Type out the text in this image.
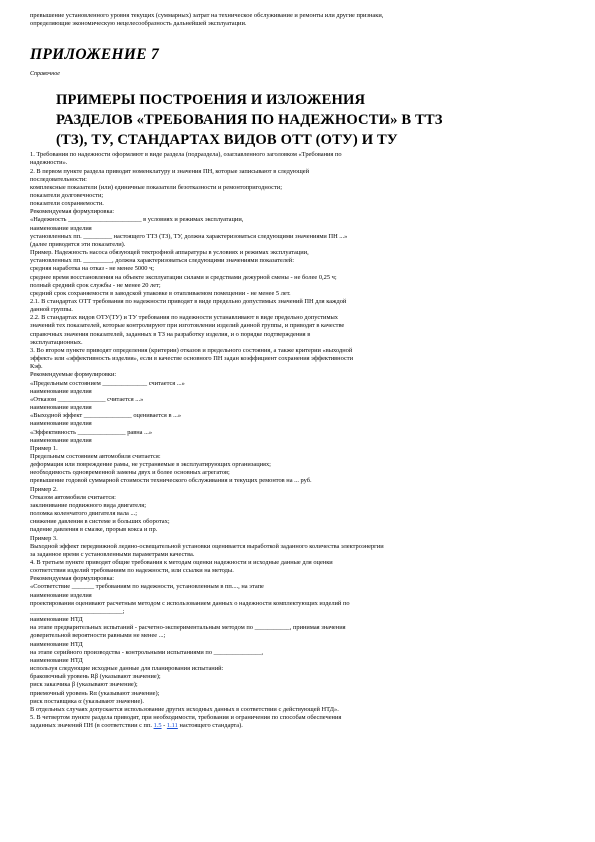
превышение установленного уровня текущих (суммарных) затрат на техническое обслуживание и ремонты или другие признаки,
определяющие экономическую нецелесообразность дальнейшей эксплуатации.
ПРИЛОЖЕНИЕ 7
Справочное
ПРИМЕРЫ ПОСТРОЕНИЯ И ИЗЛОЖЕНИЯ
РАЗДЕЛОВ «ТРЕБОВАНИЯ ПО НАДЕЖНОСТИ» В ТТЗ
(ТЗ), ТУ, СТАНДАРТАХ ВИДОВ ОТТ (ОТУ) И ТУ
1. Требования по надежности оформляют в виде раздела (подраздела), озаглавленного заголовком «Требования по
надежности».
2. В первом пункте раздела приводят номенклатуру и значения ПН, которые записывают в следующей
последовательности:
комплексные показатели (или) единичные показатели безотказности и ремонтопригодности;
показатели долговечности;
показатели сохраняемости.
Рекомендуемая формулировка:
«Надежность _______________________ в условиях и режимах эксплуатации,
наименование изделия
установленных пп. _________ настоящего ТТЗ (ТЗ), ТУ, должна характеризоваться следующими значениями ПН ...»
(далее приводятся эти показатели).
Пример. Надежность насоса обязующей тектрофной аппаратуры в условиях и режимах эксплуатации,
установленных пп. _________, должна характеризоваться следующими значениями показателей:
средняя наработка на отказ - не менее 5000 ч;
среднее время восстановления на объекте эксплуатации силами и средствами дежурной смены - не более 0,25 ч;
полный средний срок службы - не менее 20 лет;
средний срок сохраняемости в заводской упаковке в отапливаемом помещении - не менее 5 лет.
2.1. В стандартах ОТТ требования по надежности приводят в виде предельно допустимых значений ПН для каждой
данной группы.
2.2. В стандартах видов ОТУ(ТУ) и ТУ требования по надежности устанавливают в виде предельно допустимых
значений тех показателей, которые контролируют при изготовлении изделий данной группы, и приводят в качестве
справочных значения показателей, заданных в ТЗ на разработку изделия, и о порядке подтверждения в
эксплуатационных.
3. Во втором пункте приводят определения (критерии) отказов и предельного состояния, а также критерии «выходной
эффект» или «эффективность изделия», если в качестве основного ПН задан коэффициент сохранения эффективности
Кэф.
Рекомендуемые формулировки:
«Предельным состоянием ______________ считается ...»
наименование изделия
«Отказом _______________ считается ...»
наименование изделия
«Выходной эффект _______________ оценивается в ...»
наименование изделия
«Эффективность _______________ равна ...»
наименование изделия
Пример 1.
Предельным состоянием автомобиля считается:
деформация или повреждение рамы, не устраняемые в эксплуатирующих организациях;
необходимость одновременной замены двух и более основных агрегатов;
превышение годовой суммарной стоимости технического обслуживания и текущих ремонтов на ... руб.
Пример 2.
Отказом автомобиля считается:
заклинивание подвижного вида двигателя;
поломка коленчатого двигателя вала ...;
снижение давления в системе и больших оборотах;
падение давления в смазке, прорыв кокса и пр.
Пример 3.
Выходной эффект передвижной ледяно-освещательной установки оценивается выработкой заданного количества электроэнергии
за заданное время с установленными параметрами качества.
4. В третьем пункте приводят общие требования к методам оценки надежности и исходные данные для оценки
соответствия изделий требованиям по надежности, или ссылки на методы.
Рекомендуемая формулировка:
«Соответствие _______ требованиям по надежности, установленным в пп...., на этапе
наименование изделия
проектирования оценивают расчетным методом с использованием данных о надежности комплектующих изделий по
_____________________________;
наименование НТД
на этапе предварительных испытаний - расчетно-экспериментальным методом по ___________, принимая значения
доверительной вероятности равными не менее ...;
наименование НТД
на этапе серийного производства - контрольными испытаниями по _______________,
наименование НТД
используя следующие исходные данные для планирования испытаний:
браковочный уровень Rβ (указывают значение);
риск заказчика β (указывают значение);
приемочный уровень Rα (указывают значение);
риск поставщика α (указывают значение).
В отдельных случаях допускается использование других исходных данных в соответствии с действующей НТД».
5. В четвертом пункте раздела приводят, при необходимости, требования и ограничения по способам обеспечения
заданных значений ПН (в соответствии с пп. 1.5 - 1.11 настоящего стандарта).
